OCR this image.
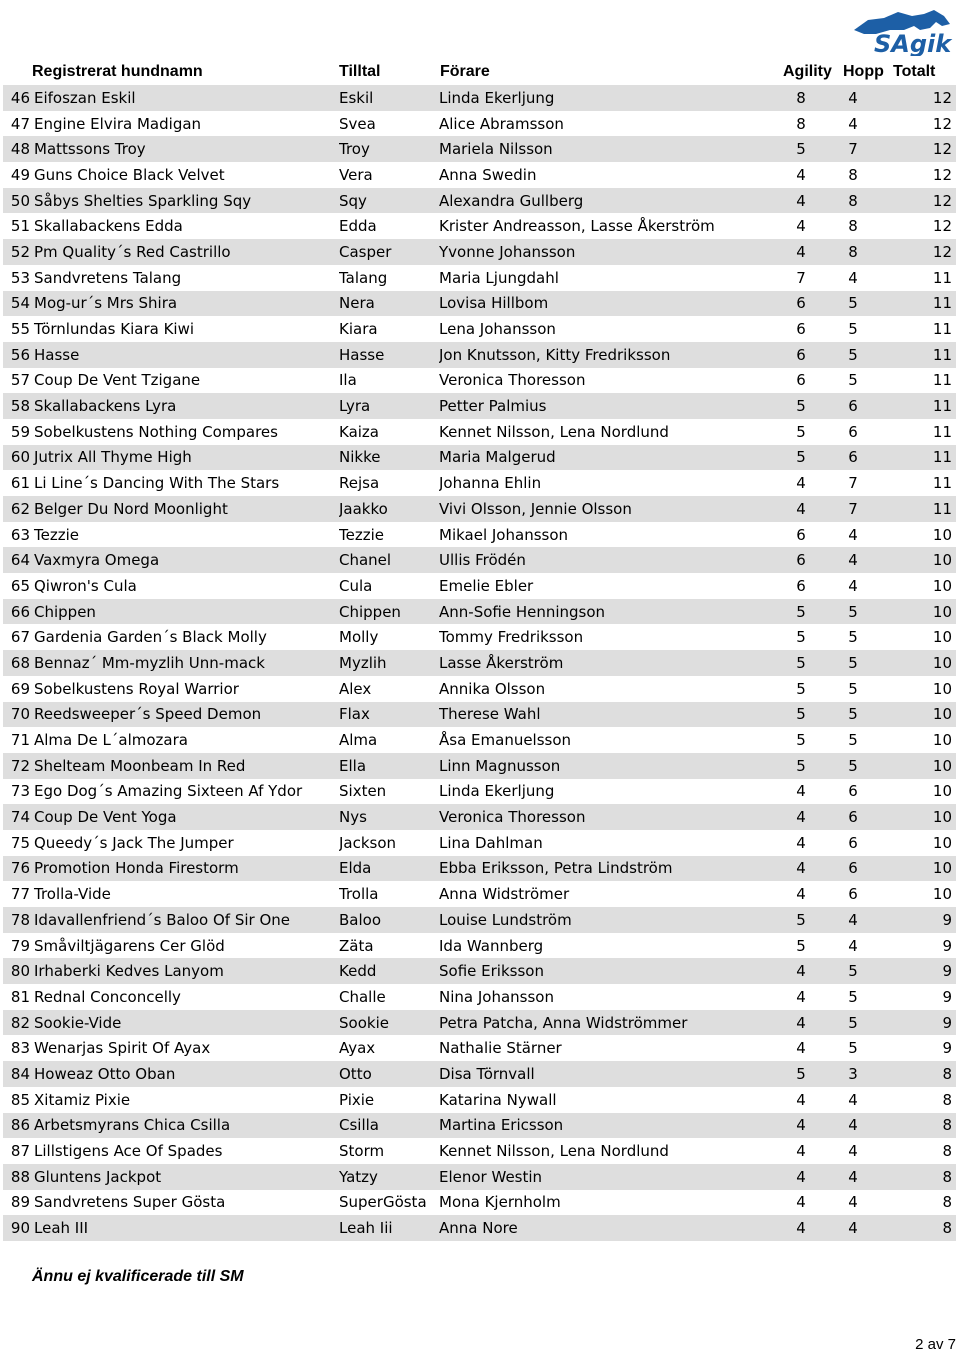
SAgik
Registrerat hundnamn	Tilltal	Förare	Agility Hopp Totalt
46	Eifoszan Eskil	Eskil	Linda Ekerljung	8		4	12
47	Engine Elvira Madigan	Svea	Alice Abramsson	8		4	12
48	Mattssons Troy	Troy	Mariela Nilsson	5		7	12
49	Guns Choice Black Velvet	Vera	Anna Swedin	4		8	12
50	Såbys Shelties Sparkling Sqy	Sqy	Alexandra Gullberg	4		8	12
51	Skallabackens Edda	Edda	Krister Andreasson, Lasse Åkerström	4		8	12
52	Pm Quality´s Red Castrillo	Casper	Yvonne Johansson	4		8	12
53	Sandvretens Talang	Talang	Maria Ljungdahl	7		4	11
54	Mog-ur´s Mrs Shira	Nera	Lovisa Hillbom	6		5	11
55	Törnlundas Kiara Kiwi	Kiara	Lena Johansson	6		5	11
56	Hasse	Hasse	Jon Knutsson, Kitty Fredriksson	6		5	11
57	Coup De Vent Tzigane	Ila	Veronica Thoresson	6		5	11
58	Skallabackens Lyra	Lyra	Petter Palmius	5		6	11
59	Sobelkustens Nothing Compares	Kaiza	Kennet Nilsson, Lena Nordlund	5		6	11
60	Jutrix All Thyme High	Nikke	Maria Malgerud	5		6	11
61	Li Line´s Dancing With The Stars	Rejsa	Johanna Ehlin	4		7	11
62	Belger Du Nord Moonlight	Jaakko	Vivi Olsson, Jennie Olsson	4		7	11
63	Tezzie	Tezzie	Mikael Johansson	6		4	10
64	Vaxmyra Omega	Chanel	Ullis Frödén	6		4	10
65	Qiwron's Cula	Cula	Emelie Ebler	6		4	10
66	Chippen	Chippen	Ann-Sofie Henningson	5		5	10
67	Gardenia Garden´s Black Molly	Molly	Tommy Fredriksson	5		5	10
68	Bennaz´ Mm-myzlih Unn-mack	Myzlih	Lasse Åkerström	5		5	10
69	Sobelkustens Royal Warrior	Alex	Annika Olsson	5		5	10
70	Reedsweeper´s Speed Demon	Flax	Therese Wahl	5		5	10
71	Alma De L´almozara	Alma	Åsa Emanuelsson	5		5	10
72	Shelteam Moonbeam In Red	Ella	Linn Magnusson	5		5	10
73	Ego Dog´s Amazing Sixteen Af Ydor	Sixten	Linda Ekerljung	4		6	10
74	Coup De Vent Yoga	Nys	Veronica Thoresson	4		6	10
75	Queedy´s Jack The Jumper	Jackson	Lina Dahlman	4		6	10
76	Promotion Honda Firestorm	Elda	Ebba Eriksson, Petra Lindström	4		6	10
77	Trolla-Vide	Trolla	Anna Widströmer	4		6	10
78	Idavallenfriend´s Baloo Of Sir One	Baloo	Louise Lundström	5		4	9
79	Småviltjägarens Cer Glöd	Zäta	Ida Wannberg	5		4	9
80	Irhaberki Kedves Lanyom	Kedd	Sofie Eriksson	4		5	9
81	Rednal Conconcelly	Challe	Nina Johansson	4		5	9
82	Sookie-Vide	Sookie	Petra Patcha, Anna Widströmmer	4		5	9
83	Wenarjas Spirit Of Ayax	Ayax	Nathalie Stärner	4		5	9
84	Howeaz Otto Oban	Otto	Disa Törnvall	5		3	8
85	Xitamiz Pixie	Pixie	Katarina Nywall	4		4	8
86	Arbetsmyrans Chica Csilla	Csilla	Martina Ericsson	4		4	8
87	Lillstigens Ace Of Spades	Storm	Kennet Nilsson, Lena Nordlund	4		4	8
88	Gluntens Jackpot	Yatzy	Elenor Westin	4		4	8
89	Sandvretens Super Gösta	SuperGösta	Mona Kjernholm	4		4	8
90	Leah III	Leah Iii	Anna Nore	4		4	8
Ännu ej kvalificerade till SM
2 av 7
